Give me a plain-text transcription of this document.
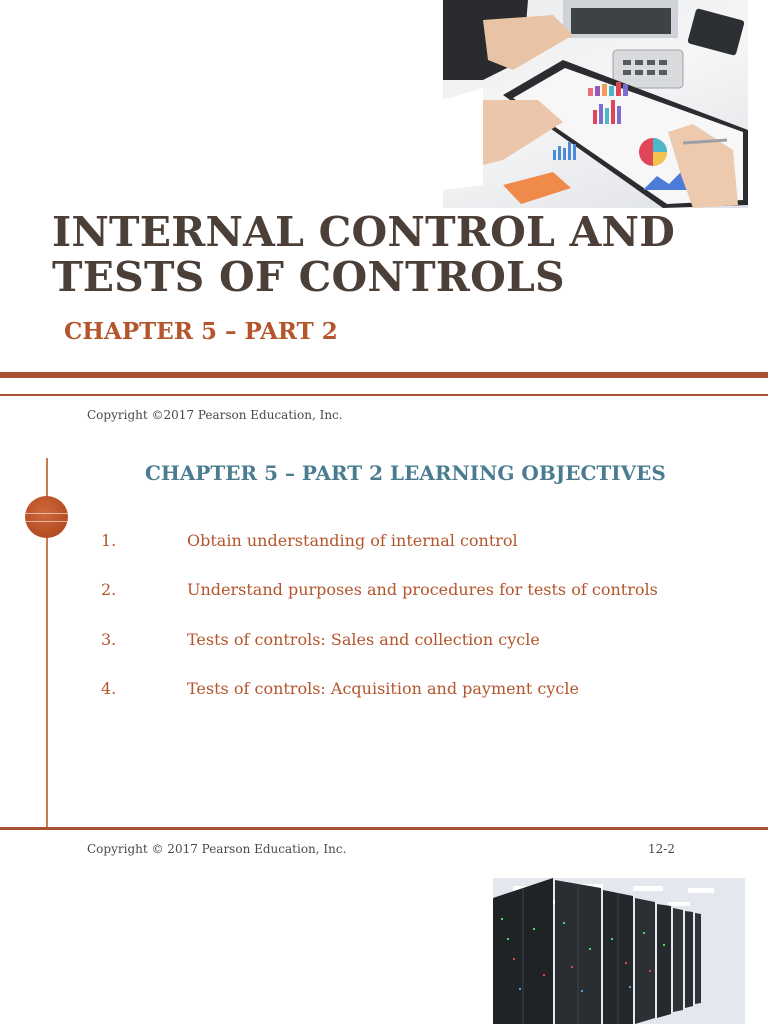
INTERNAL CONTROL AND
TESTS OF CONTROLS
CHAPTER 5 – PART 2
Copyright ©2017 Pearson Education, Inc.
CHAPTER 5 – PART 2 LEARNING OBJECTIVES
1.	Obtain understanding of internal control
2.	Understand purposes and procedures for tests of controls
3.	Tests of controls: Sales and collection cycle
4.	Tests of controls: Acquisition and payment cycle
Copyright © 2017 Pearson Education, Inc.	12-2
